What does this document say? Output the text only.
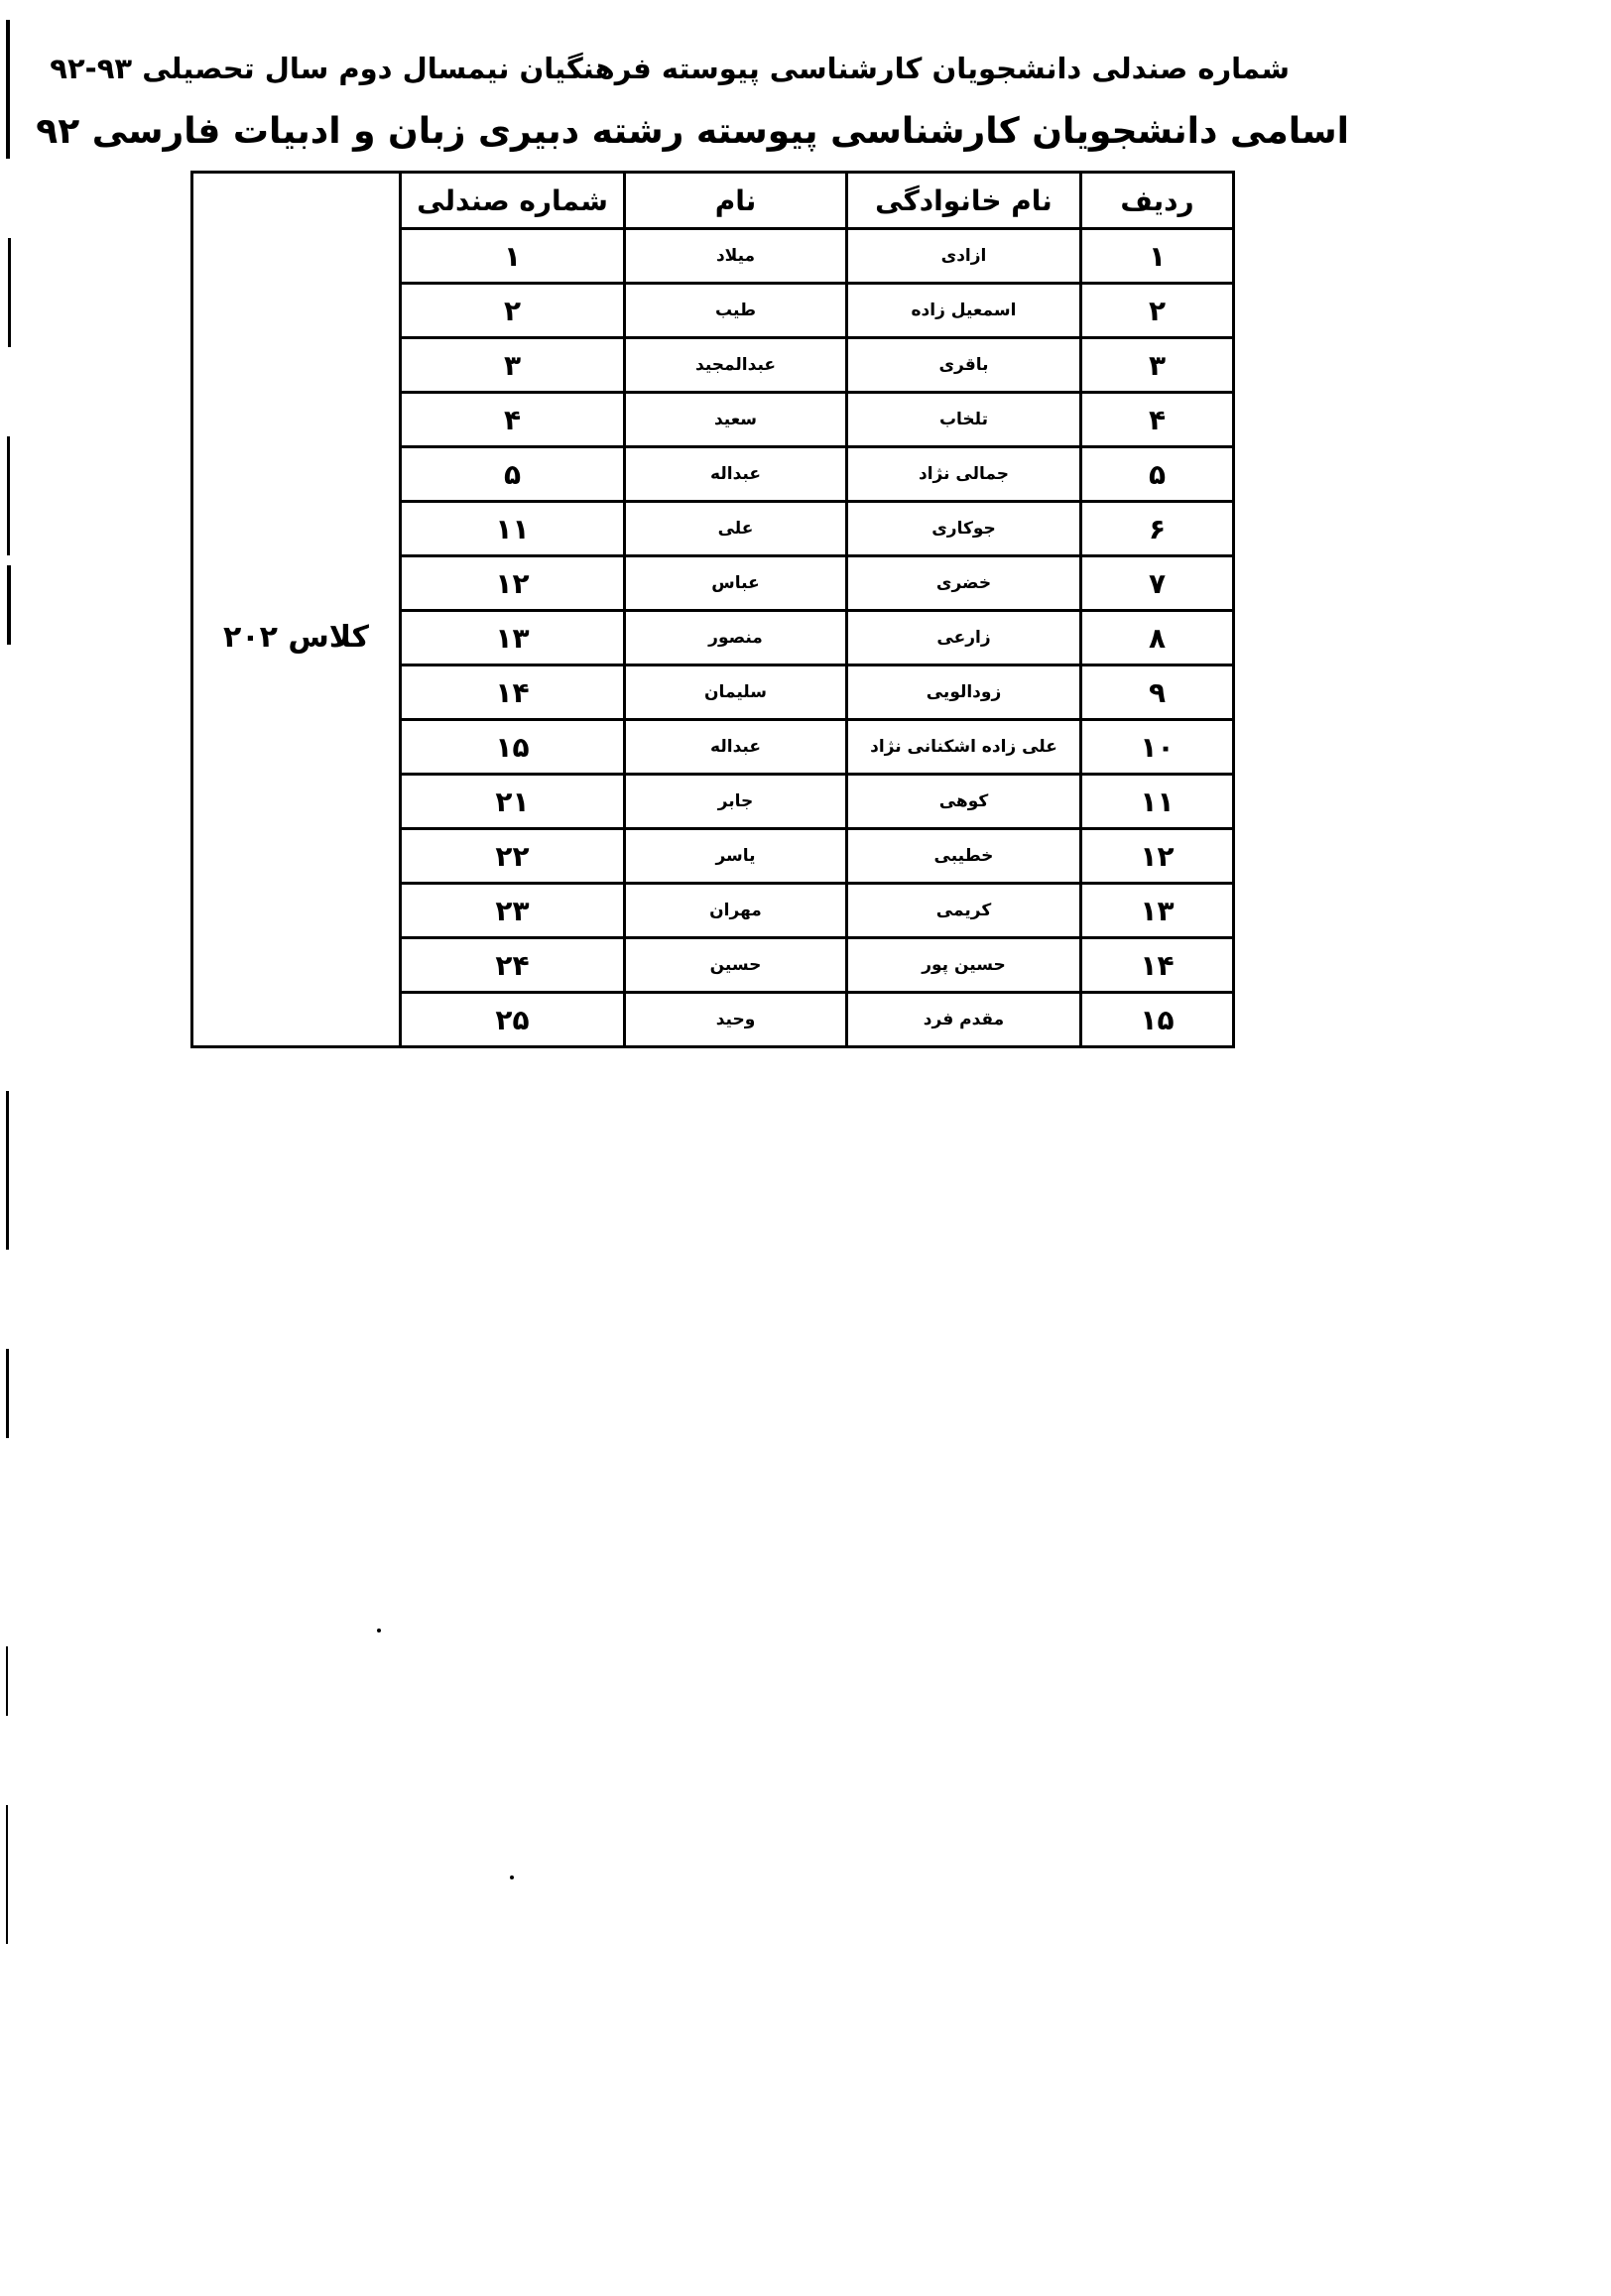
شماره صندلی دانشجویان کارشناسی پیوسته فرهنگیان نیمسال دوم سال تحصیلی ۹۳-۹۲
اسامی دانشجویان کارشناسی پیوسته رشته دبیری زبان و ادبیات فارسی ۹۲
ردیف	نام خانوادگی	نام	شماره صندلی	
۱	ازادی	میلاد	۱	کلاس ۲۰۲
۲	اسمعیل زاده	طیب	۲	
۳	باقری	عبدالمجید	۳	
۴	تلخاب	سعید	۴	
۵	جمالی نژاد	عبداله	۵	
۶	جوکاری	علی	۱۱	
۷	خضری	عباس	۱۲	
۸	زارعی	منصور	۱۳	
۹	زودالویی	سلیمان	۱۴	
۱۰	علی زاده اشکنانی نژاد	عبداله	۱۵	
۱۱	کوهی	جابر	۲۱	
۱۲	خطیبی	یاسر	۲۲	
۱۳	کریمی	مهران	۲۳	
۱۴	حسین پور	حسین	۲۴	
۱۵	مقدم فرد	وحید	۲۵	
